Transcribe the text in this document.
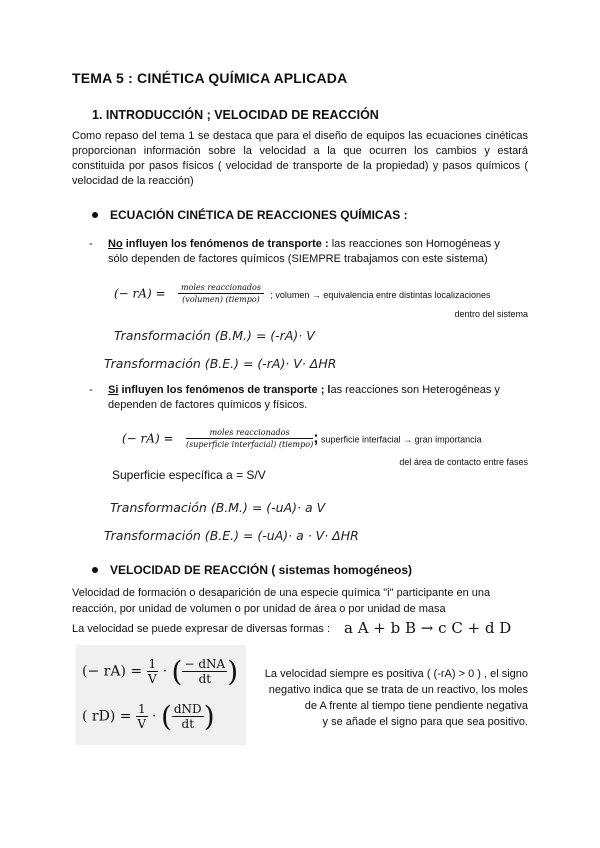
TEMA 5 : CINÉTICA QUÍMICA APLICADA
1. INTRODUCCIÓN ; VELOCIDAD DE REACCIÓN
Como repaso del tema 1 se destaca que para el diseño de equipos las ecuaciones cinéticas proporcionan información sobre la velocidad a la que ocurren los cambios y estará constituida por pasos físicos ( velocidad de transporte de la propiedad) y pasos químicos ( velocidad de la reacción)
ECUACIÓN CINÉTICA DE REACCIONES QUÍMICAS :
- No influyen los fenómenos de transporte : las reacciones son Homogéneas y
sólo dependen de factores químicos (SIEMPRE trabajamos con este sistema)
(− $rA) = \frac{\text{moles reaccionados}}{\text{(volumen) (tiempo)}}$ ; volumen → equivalencia entre distintas localizaciones
dentro del sistema
Transformación (B.M.) = (-rA)· V
Transformación (B.E.) = (-rA)· V· ΔHR
- Si influyen los fenómenos de transporte ; las reacciones son Heterogéneas y
dependen de factores químicos y físicos.
(− $rA) = \frac{\text{moles reaccionados}}{\text{(superficie interfacial) (tiempo)}}$ ; superficie interfacial → gran importancia
del área de contacto entre fases
Superficie específica a = S/V
Transformación (B.M.) = (-uA)· a V
Transformación (B.E.) = (-uA)· a · V· ΔHR
VELOCIDAD DE REACCIÓN ( sistemas homogéneos)
Velocidad de formación o desaparición de una especie química "i" participante en una
reacción, por unidad de volumen o por unidad de área o por unidad de masa
La velocidad se puede expresar de diversas formas : a A + b B → c C + d D
(− $rA) = \frac{1}{V}$ · ( $\frac{\text{− dNA}}{dt}$ )
( $rD) = \frac{1}{V}$ · ( $\frac{\text{dND}}{dt}$ )
La velocidad siempre es positiva ( (-rA) > 0 ) , el signo
negativo indica que se trata de un reactivo, los moles
de A frente al tiempo tiene pendiente negativa
y se añade el signo para que sea positivo.
